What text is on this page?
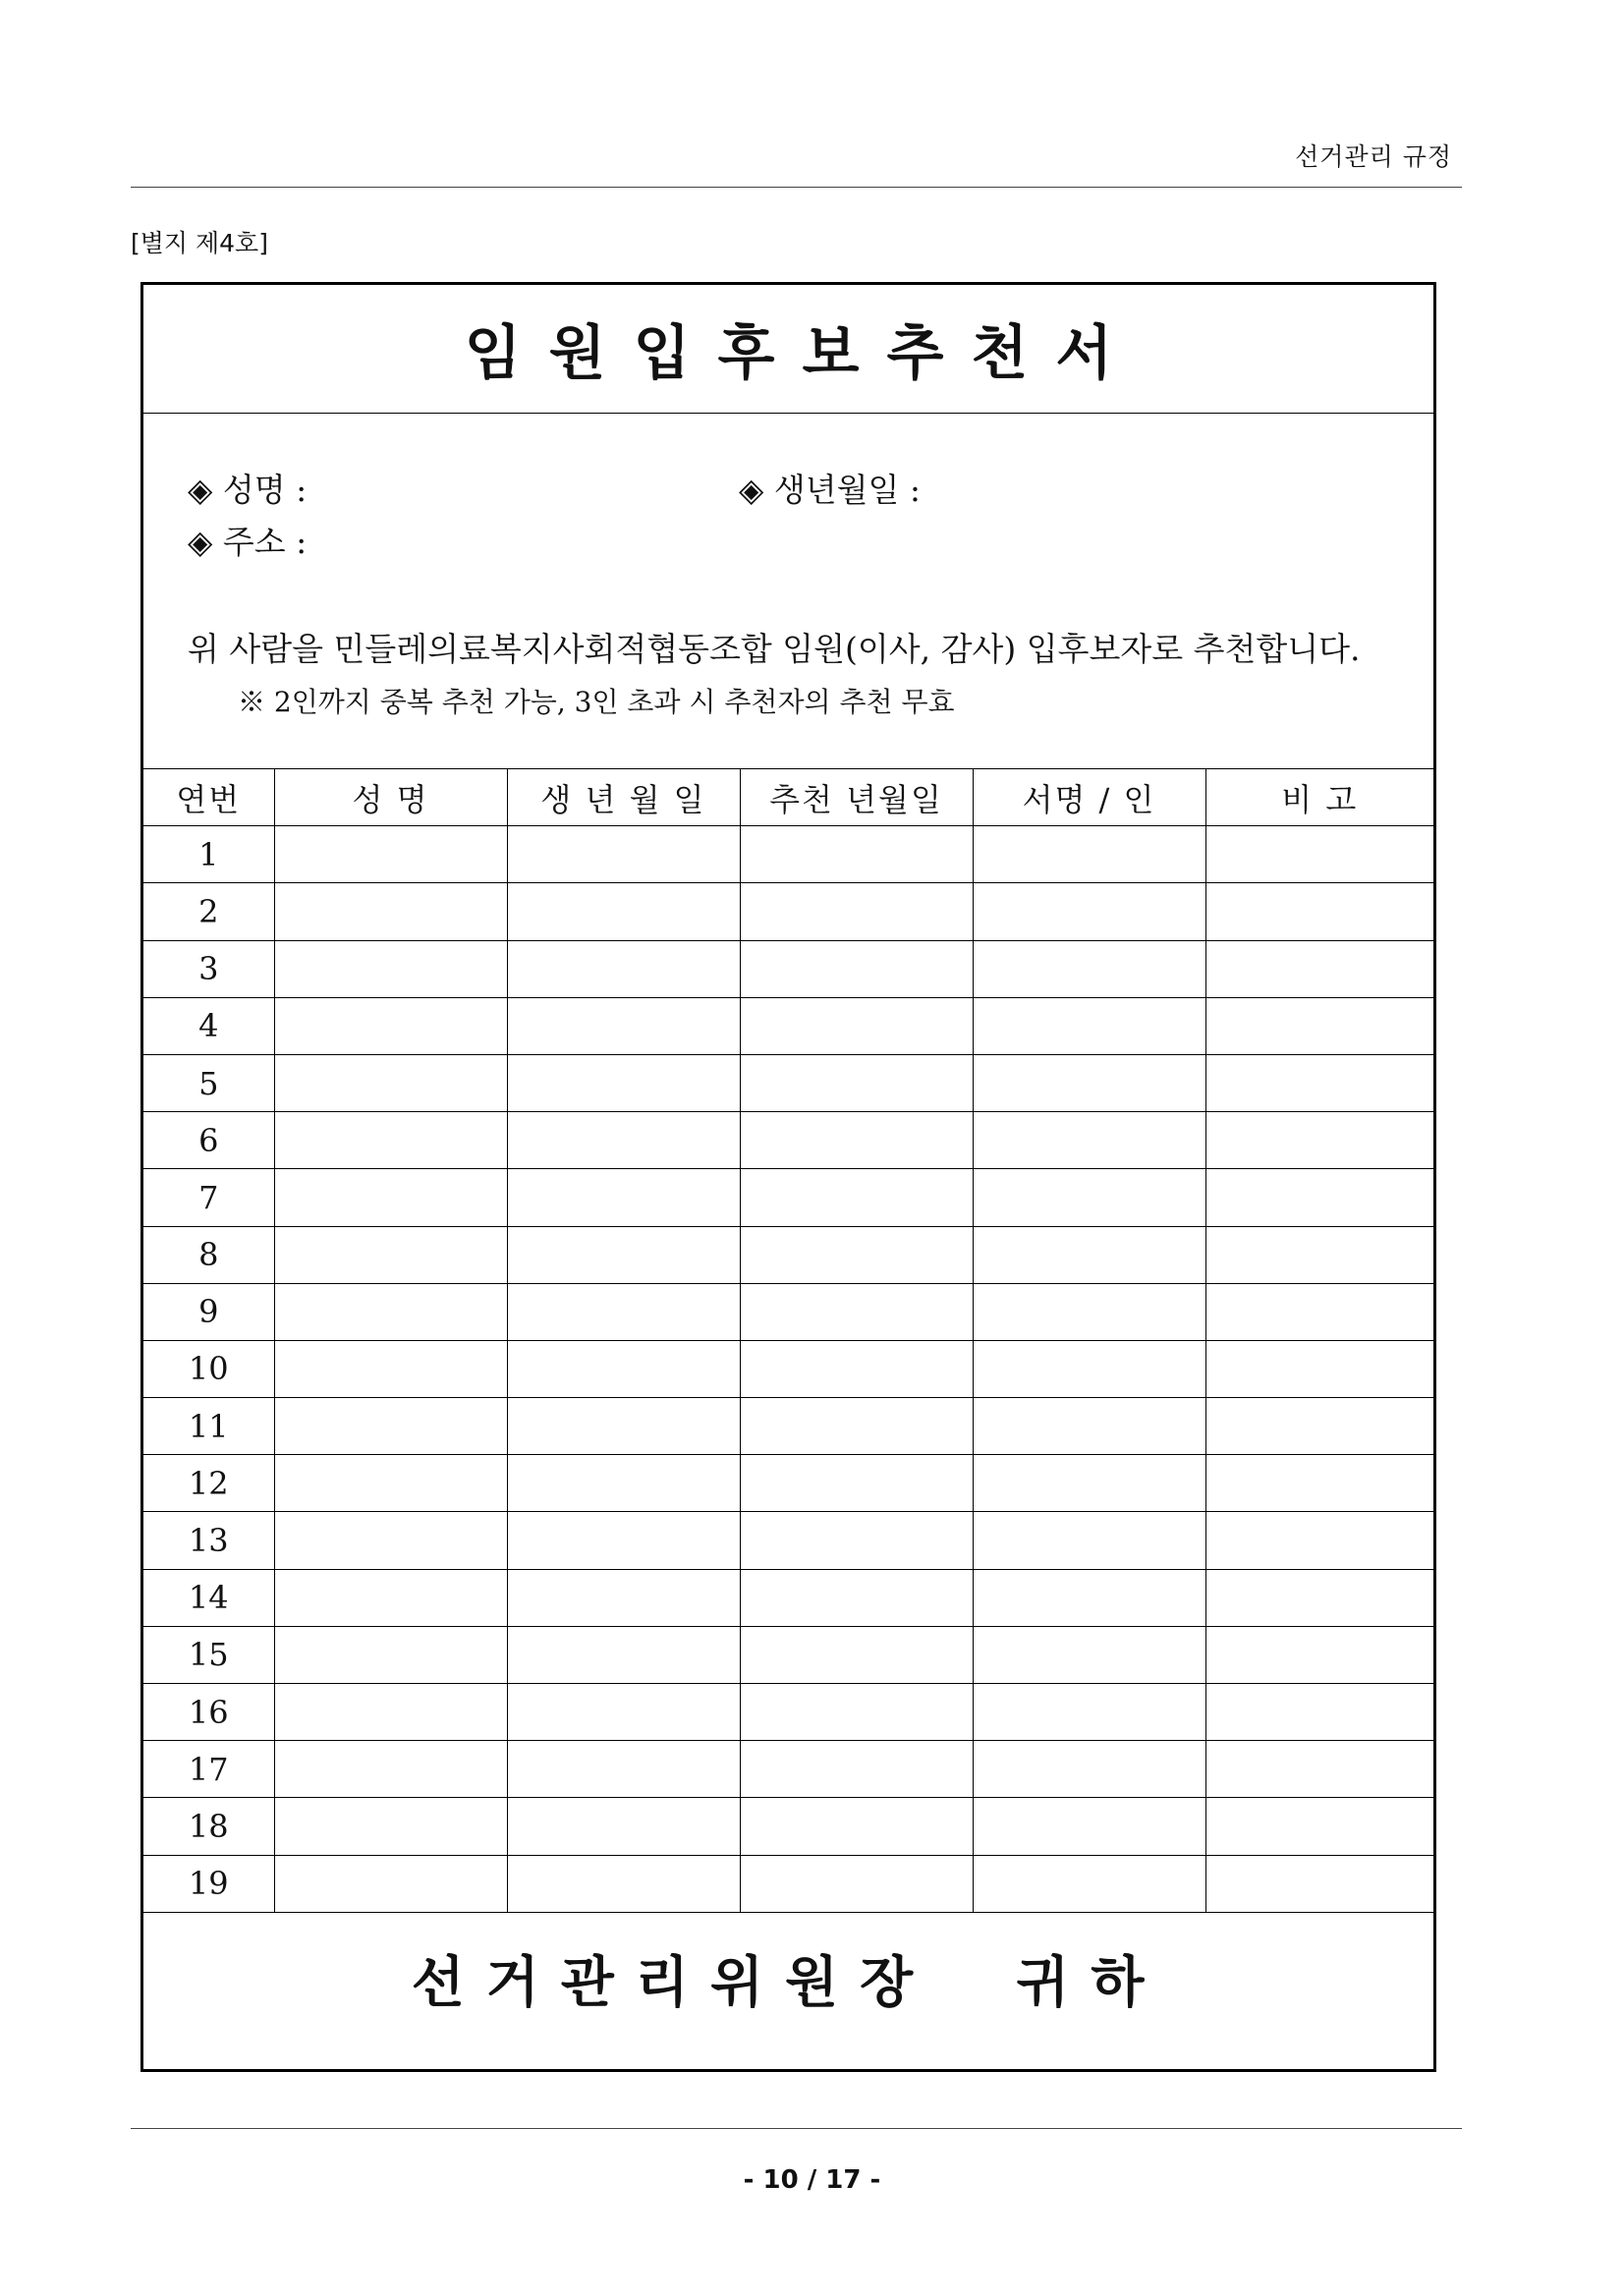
선거관리 규정
[별지 제4호]
임원입후보추천서
◈ 성명 :	◈ 생년월일 :
◈ 주소 :
위 사람을 민들레의료복지사회적협동조합 임원(이사, 감사) 입후보자로 추천합니다.
※ 2인까지 중복 추천 가능, 3인 초과 시 추천자의 추천 무효
연번	성 명	생 년 월 일	추천 년월일	서명 / 인	비 고
1					
2					
3					
4					
5					
6					
7					
8					
9					
10					
11					
12					
13					
14					
15					
16					
17					
18					
19					
선거관리위원장  귀하
- 10 / 17 -
